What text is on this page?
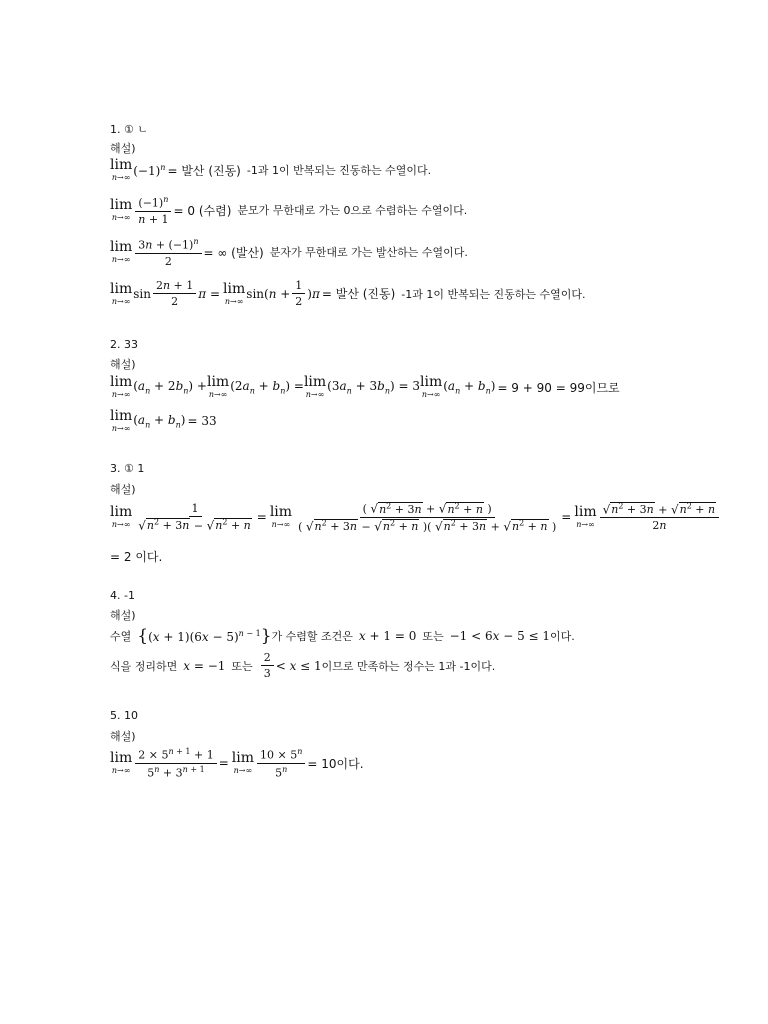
1. ① ㄴ
해설)
lim
n→∞ $(-1)^n$ = 발산 (진동) -1과 1이 반복되는 진동하는 수열이다.
lim
$n\to\infty \frac{(-1)^n}{n + 1} = 0$ (수렴) 분모가 무한대로 가는 0으로 수렴하는 수열이다.
lim
$n\to\infty \frac{3n + (-1)^n}{2}$ = ∞ (발산) 분자가 무한대로 가는 발산하는 수열이다.
lim
n→∞
$\sin \frac{2n + 1}{2}$ π = lim
n→∞
$\sin(n + \frac{1}{2} )\pi$ = 발산 (진동) -1과 1이 반복되는 진동하는 수열이다.
2. 33
해설)
lim
n→∞
$(a_n + 2b_n) + \lim$
n→∞
$(2a_n + b_n) = \lim$
n→∞
$(3a_n + 3b_n) = 3$ lim
n→∞
$(a_n + b_n) = 9 + 90 = 99$이므로
lim
n→∞
$(a_n + b_n) = 33$
3. ① 1
해설)
lim
$n\to\infty \frac{1}{√n^2 + 3n - √n^2 + n} = \lim$
$n\to\infty \frac{( √n^2 + 3n + √n^2 + n )}{( √n^2 + 3n - √n^2 + n )( √n^2 + 3n + √n^2 + n )} = \lim$
$n\to\infty \frac{√n^2 + 3n + √n^2 + n}{2n}$
= 2 이다.
4. -1
해설)
수열 { $(x + 1)(6x - 5)^{n - 1}$ } 가 수렴할 조건은 x + 1 = 0 또는 −1 < 6x − 5 ≤ 1 이다.
식을 정리하면 x = −1 또는 $\frac{2}{3} < x \le 1$ 이므로 만족하는 정수는 1과 -1이다.
5. 10
해설)
lim
$n\to\infty \frac{2 \times 5^{n + 1} + 1}{5^n + 3^{n + 1}} = \lim$
$n\to\infty \frac{10 \times 5^n}{5^n} = 10$이다.
